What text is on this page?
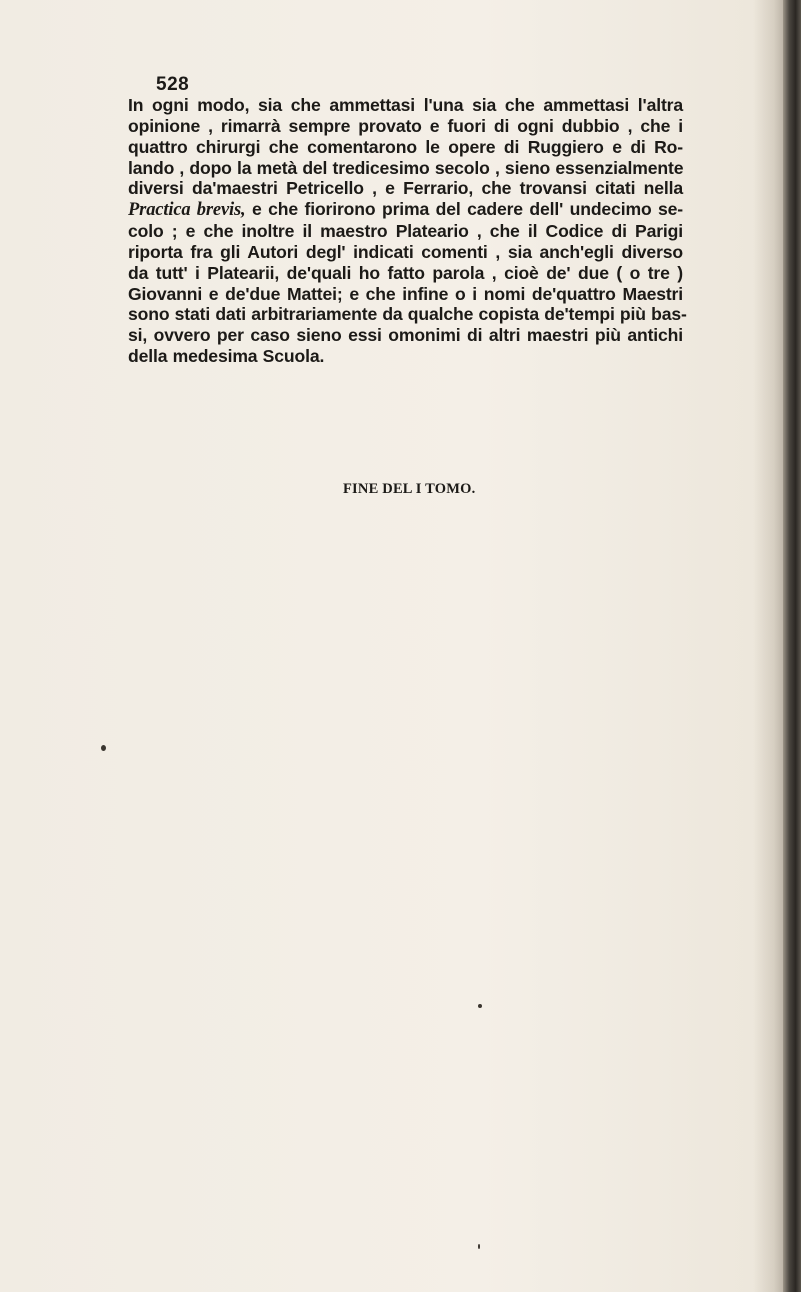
528
In ogni modo, sia che ammettasi l'una sia che ammettasi l'altra
opinione , rimarrà sempre provato e fuori di ogni dubbio , che i
quattro chirurgi che comentarono le opere di Ruggiero e di Ro-
lando , dopo la metà del tredicesimo secolo , sieno essenzialmente
diversi da'maestri Petricello , e Ferrario, che trovansi citati nella
Practica brevis, e che fiorirono prima del cadere dell' undecimo se-
colo ; e che inoltre il maestro Plateario , che il Codice di Parigi
riporta fra gli Autori degl' indicati comenti , sia anch'egli diverso
da tutt' i Platearii, de'quali ho fatto parola , cioè de' due ( o tre )
Giovanni e de'due Mattei; e che infine o i nomi de'quattro Maestri
sono stati dati arbitrariamente da qualche copista de'tempi più bas-
si, ovvero per caso sieno essi omonimi di altri maestri più antichi
della medesima Scuola.
FINE DEL I TOMO.
